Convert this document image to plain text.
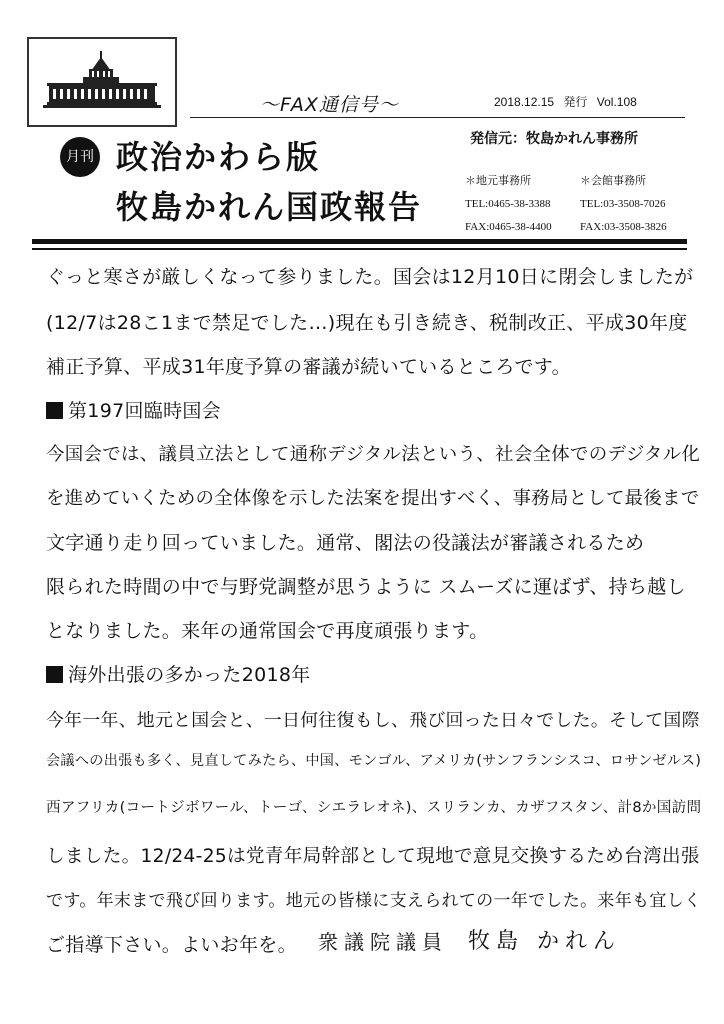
～FAX通信号～	2018.12.15 発行 Vol.108
発信元：牧島かれん事務所
月刊 政治かわら版
牧島かれん国政報告
＊地元事務所
TEL:0465-38-3388
FAX:0465-38-4400
＊会館事務所
TEL:03-3508-7026
FAX:03-3508-3826
ぐっと寒さが厳しくなって参りました。国会は12月10日に閉会しましたが
(12/7は28こ1まで禁足でした…)現在も引き続き、税制改正、平成30年度
補正予算、平成31年度予算の審議が続いているところです。
第197回臨時国会
今国会では、議員立法として通称デジタル法という、社会全体でのデジタル化
を進めていくための全体像を示した法案を提出すべく、事務局として最後まで
文字通り走り回っていました。通常、閣法の役議法が審議されるため
限られた時間の中で与野党調整が思うように スムーズに運ばず、持ち越し
となりました。来年の通常国会で再度頑張ります。
海外出張の多かった2018年
今年一年、地元と国会と、一日何往復もし、飛び回った日々でした。そして国際
会議への出張も多く、見直してみたら、中国、モンゴル、アメリカ(サンフランシスコ、ロサンゼルス)
西アフリカ(コートジボワール、トーゴ、シエラレオネ)、スリランカ、カザフスタン、計8か国訪問
しました。12/24-25は党青年局幹部として現地で意見交換するため台湾出張
です。年末まで飛び回ります。地元の皆様に支えられての一年でした。来年も宜しく
ご指導下さい。よいお年を。 衆議院議員 牧島 かれん
